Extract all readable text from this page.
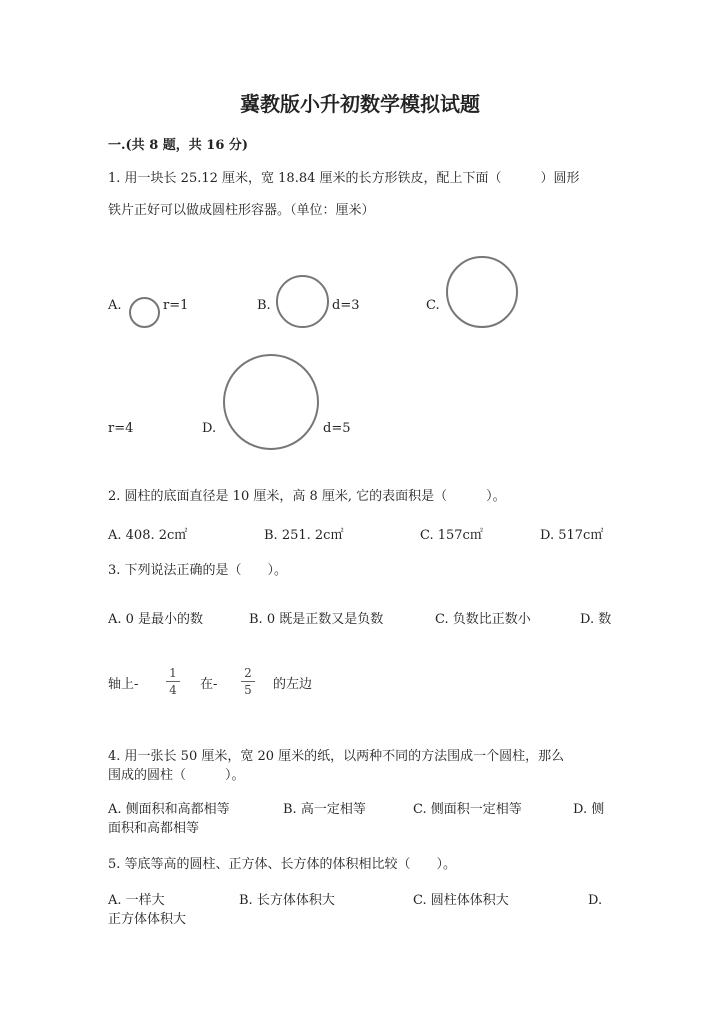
冀教版小升初数学模拟试题
一.(共 8 题，共 16 分)
1. 用一块长 25.12 厘米，宽 18.84 厘米的长方形铁皮，配上下面（　　　）圆形
铁片正好可以做成圆柱形容器。（单位：厘米）
A.	r=1	B.	d=3	C.
r=4	D.	d=5
2. 圆柱的底面直径是 10 厘米，高 8 厘米, 它的表面积是（　　　）。
A. 408. 2c㎡	B. 251. 2c㎡	C. 157c㎡	D. 517c㎡
3. 下列说法正确的是（　　）。
A. 0 是最小的数	B. 0 既是正数又是负数	C. 负数比正数小	D. 数
轴上-
1
4 在-
2
5 的左边
4. 用一张长 50 厘米，宽 20 厘米的纸，以两种不同的方法围成一个圆柱，那么
围成的圆柱（　　　）。
A. 侧面积和高都相等	B. 高一定相等	C. 侧面积一定相等	D. 侧
面积和高都相等
5. 等底等高的圆柱、正方体、长方体的体积相比较（　　）。
A. 一样大	B. 长方体体积大	C. 圆柱体体积大	D.
正方体体积大
